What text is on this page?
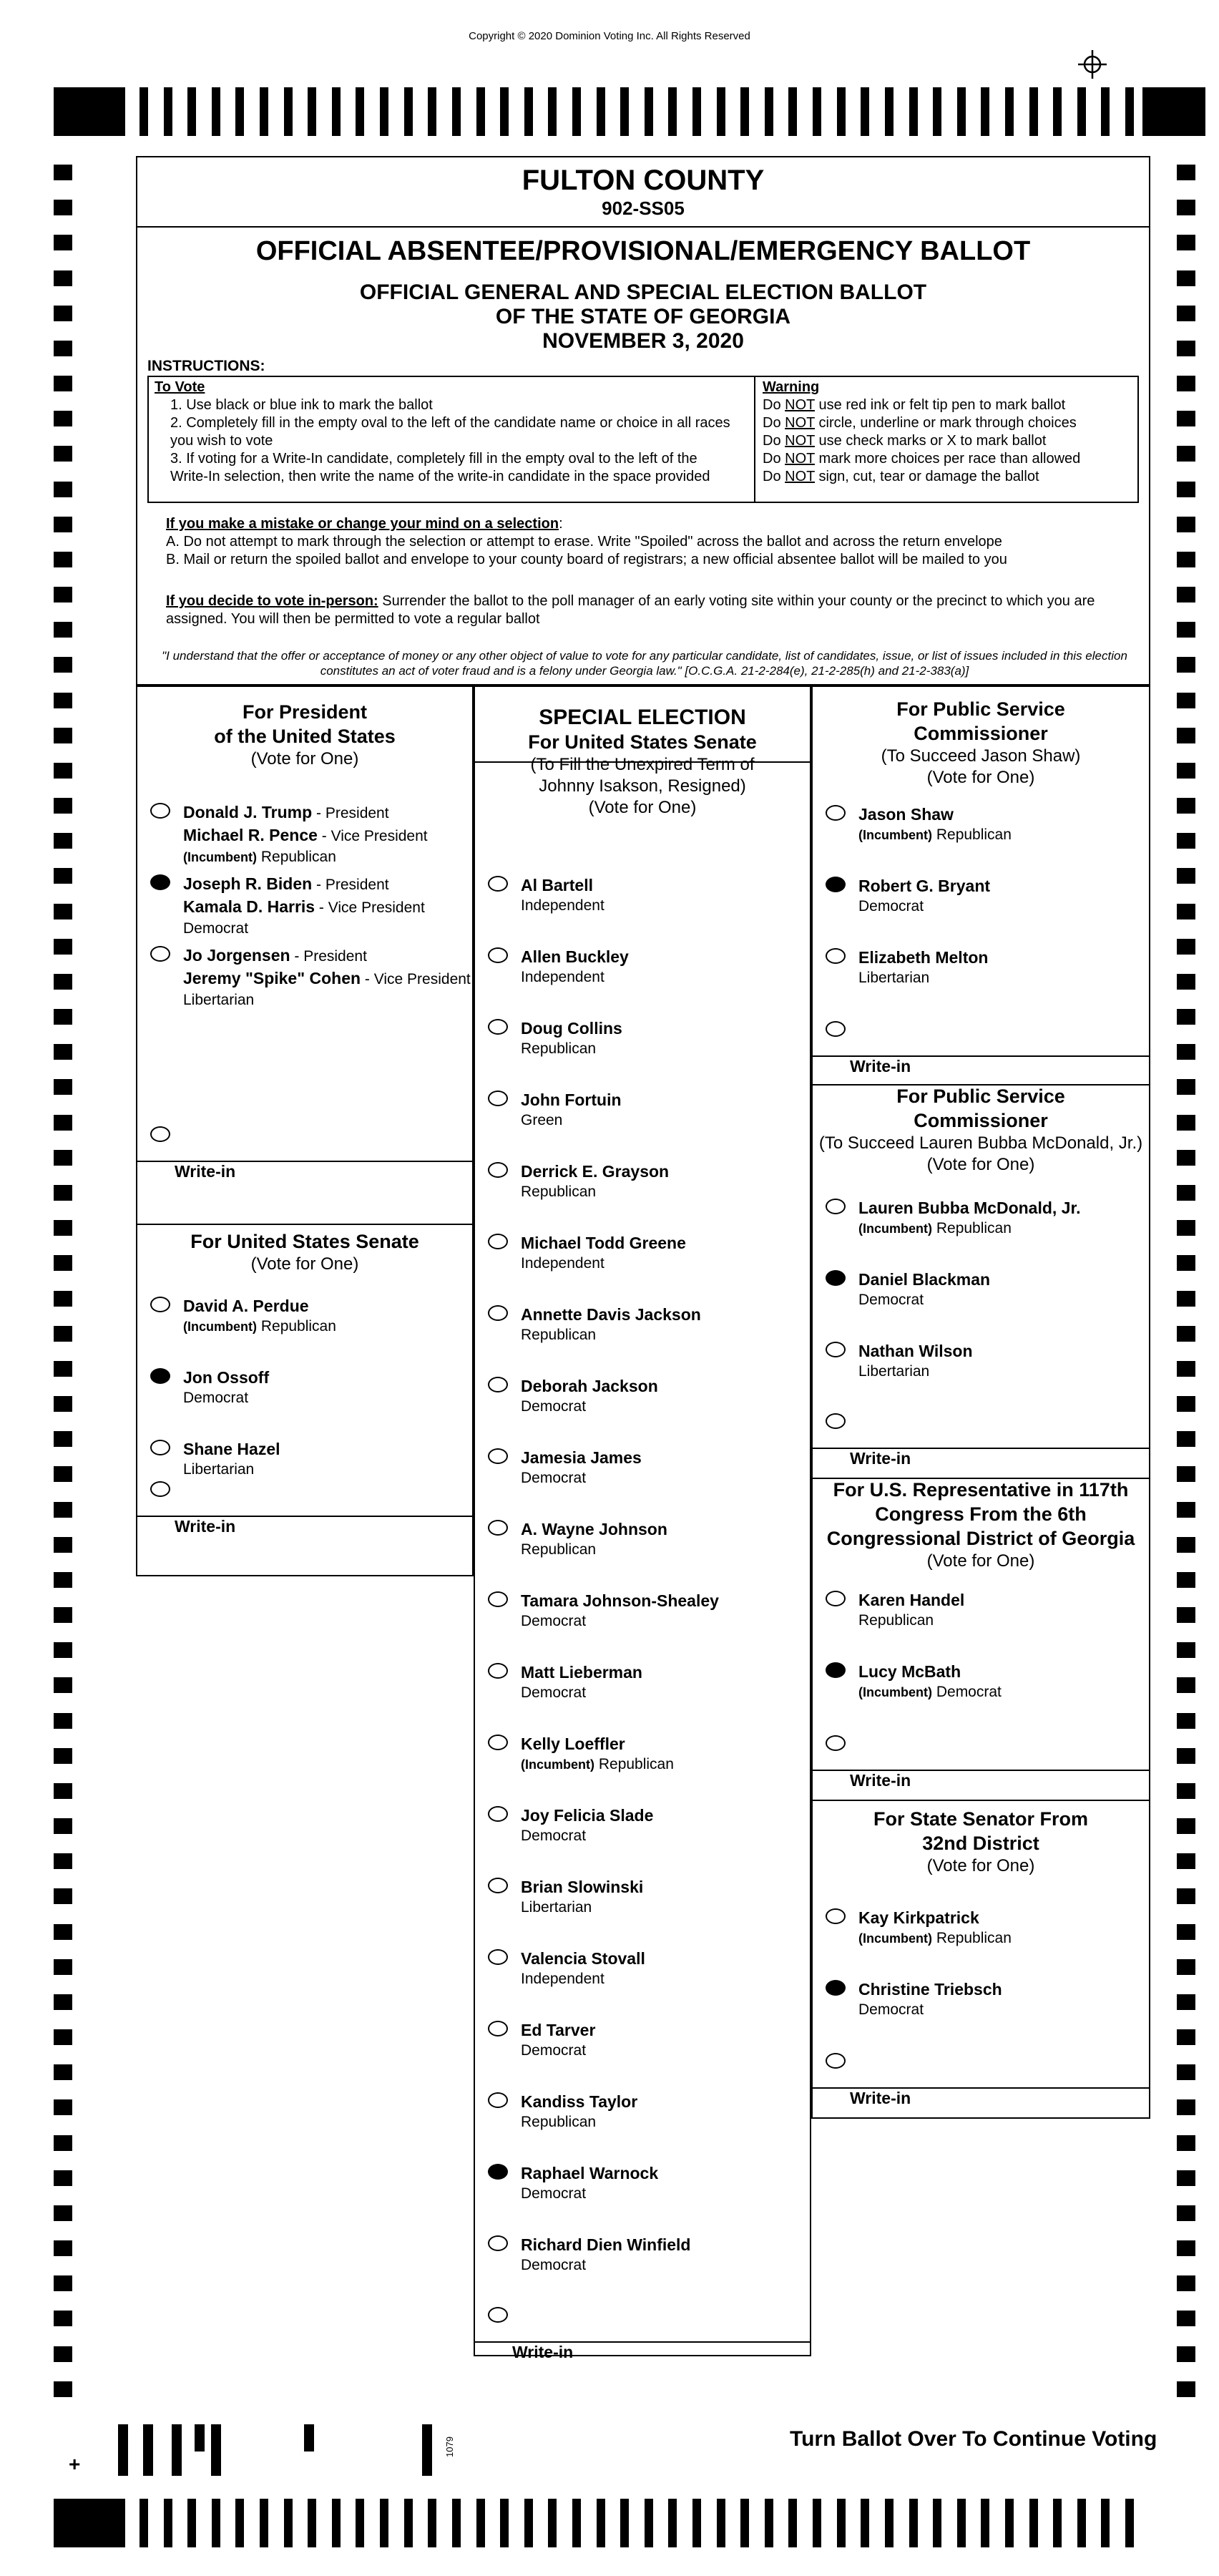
Copyright © 2020 Dominion Voting Inc. All Rights Reserved
FULTON COUNTY
902-SS05
OFFICIAL ABSENTEE/PROVISIONAL/EMERGENCY BALLOT
OFFICIAL GENERAL AND SPECIAL ELECTION BALLOT
OF THE STATE OF GEORGIA
NOVEMBER 3, 2020
INSTRUCTIONS:
To Vote
1. Use black or blue ink to mark the ballot
2. Completely fill in the empty oval to the left of the candidate name or choice in all races you wish to vote
3. If voting for a Write-In candidate, completely fill in the empty oval to the left of the Write-In selection, then write the name of the write-in candidate in the space provided
Warning
Do NOT use red ink or felt tip pen to mark ballot
Do NOT circle, underline or mark through choices
Do NOT use check marks or X to mark ballot
Do NOT mark more choices per race than allowed
Do NOT sign, cut, tear or damage the ballot
If you make a mistake or change your mind on a selection:
A. Do not attempt to mark through the selection or attempt to erase. Write "Spoiled" across the ballot and across the return envelope
B. Mail or return the spoiled ballot and envelope to your county board of registrars; a new official absentee ballot will be mailed to you
If you decide to vote in-person: Surrender the ballot to the poll manager of an early voting site within your county or the precinct to which you are assigned. You will then be permitted to vote a regular ballot
"I understand that the offer or acceptance of money or any other object of value to vote for any particular candidate, list of candidates, issue, or list of issues included in this election constitutes an act of voter fraud and is a felony under Georgia law." [O.C.G.A. 21-2-284(e), 21-2-285(h) and 21-2-383(a)]
For President
of the United States
(Vote for One)
Donald J. Trump - President
Michael R. Pence - Vice President
(Incumbent) Republican
Joseph R. Biden - President
Kamala D. Harris - Vice President
Democrat
Jo Jorgensen - President
Jeremy "Spike" Cohen - Vice President
Libertarian
Write-in
For United States Senate
(Vote for One)
David A. Perdue
(Incumbent) Republican
Jon Ossoff
Democrat
Shane Hazel
Libertarian
Write-in
SPECIAL ELECTION
For United States Senate
(To Fill the Unexpired Term of
Johnny Isakson, Resigned)
(Vote for One)
Al Bartell
Independent
Allen Buckley
Independent
Doug Collins
Republican
John Fortuin
Green
Derrick E. Grayson
Republican
Michael Todd Greene
Independent
Annette Davis Jackson
Republican
Deborah Jackson
Democrat
Jamesia James
Democrat
A. Wayne Johnson
Republican
Tamara Johnson-Shealey
Democrat
Matt Lieberman
Democrat
Kelly Loeffler
(Incumbent) Republican
Joy Felicia Slade
Democrat
Brian Slowinski
Libertarian
Valencia Stovall
Independent
Ed Tarver
Democrat
Kandiss Taylor
Republican
Raphael Warnock
Democrat
Richard Dien Winfield
Democrat
Write-in
For Public Service
Commissioner
(To Succeed Jason Shaw)
(Vote for One)
Jason Shaw
(Incumbent) Republican
Robert G. Bryant
Democrat
Elizabeth Melton
Libertarian
Write-in
For Public Service
Commissioner
(To Succeed Lauren Bubba McDonald, Jr.)
(Vote for One)
Lauren Bubba McDonald, Jr.
(Incumbent) Republican
Daniel Blackman
Democrat
Nathan Wilson
Libertarian
Write-in
For U.S. Representative in 117th
Congress From the 6th
Congressional District of Georgia
(Vote for One)
Karen Handel
Republican
Lucy McBath
(Incumbent) Democrat
Write-in
For State Senator From
32nd District
(Vote for One)
Kay Kirkpatrick
(Incumbent) Republican
Christine Triebsch
Democrat
Write-in
1079
+
Turn Ballot Over To Continue Voting
